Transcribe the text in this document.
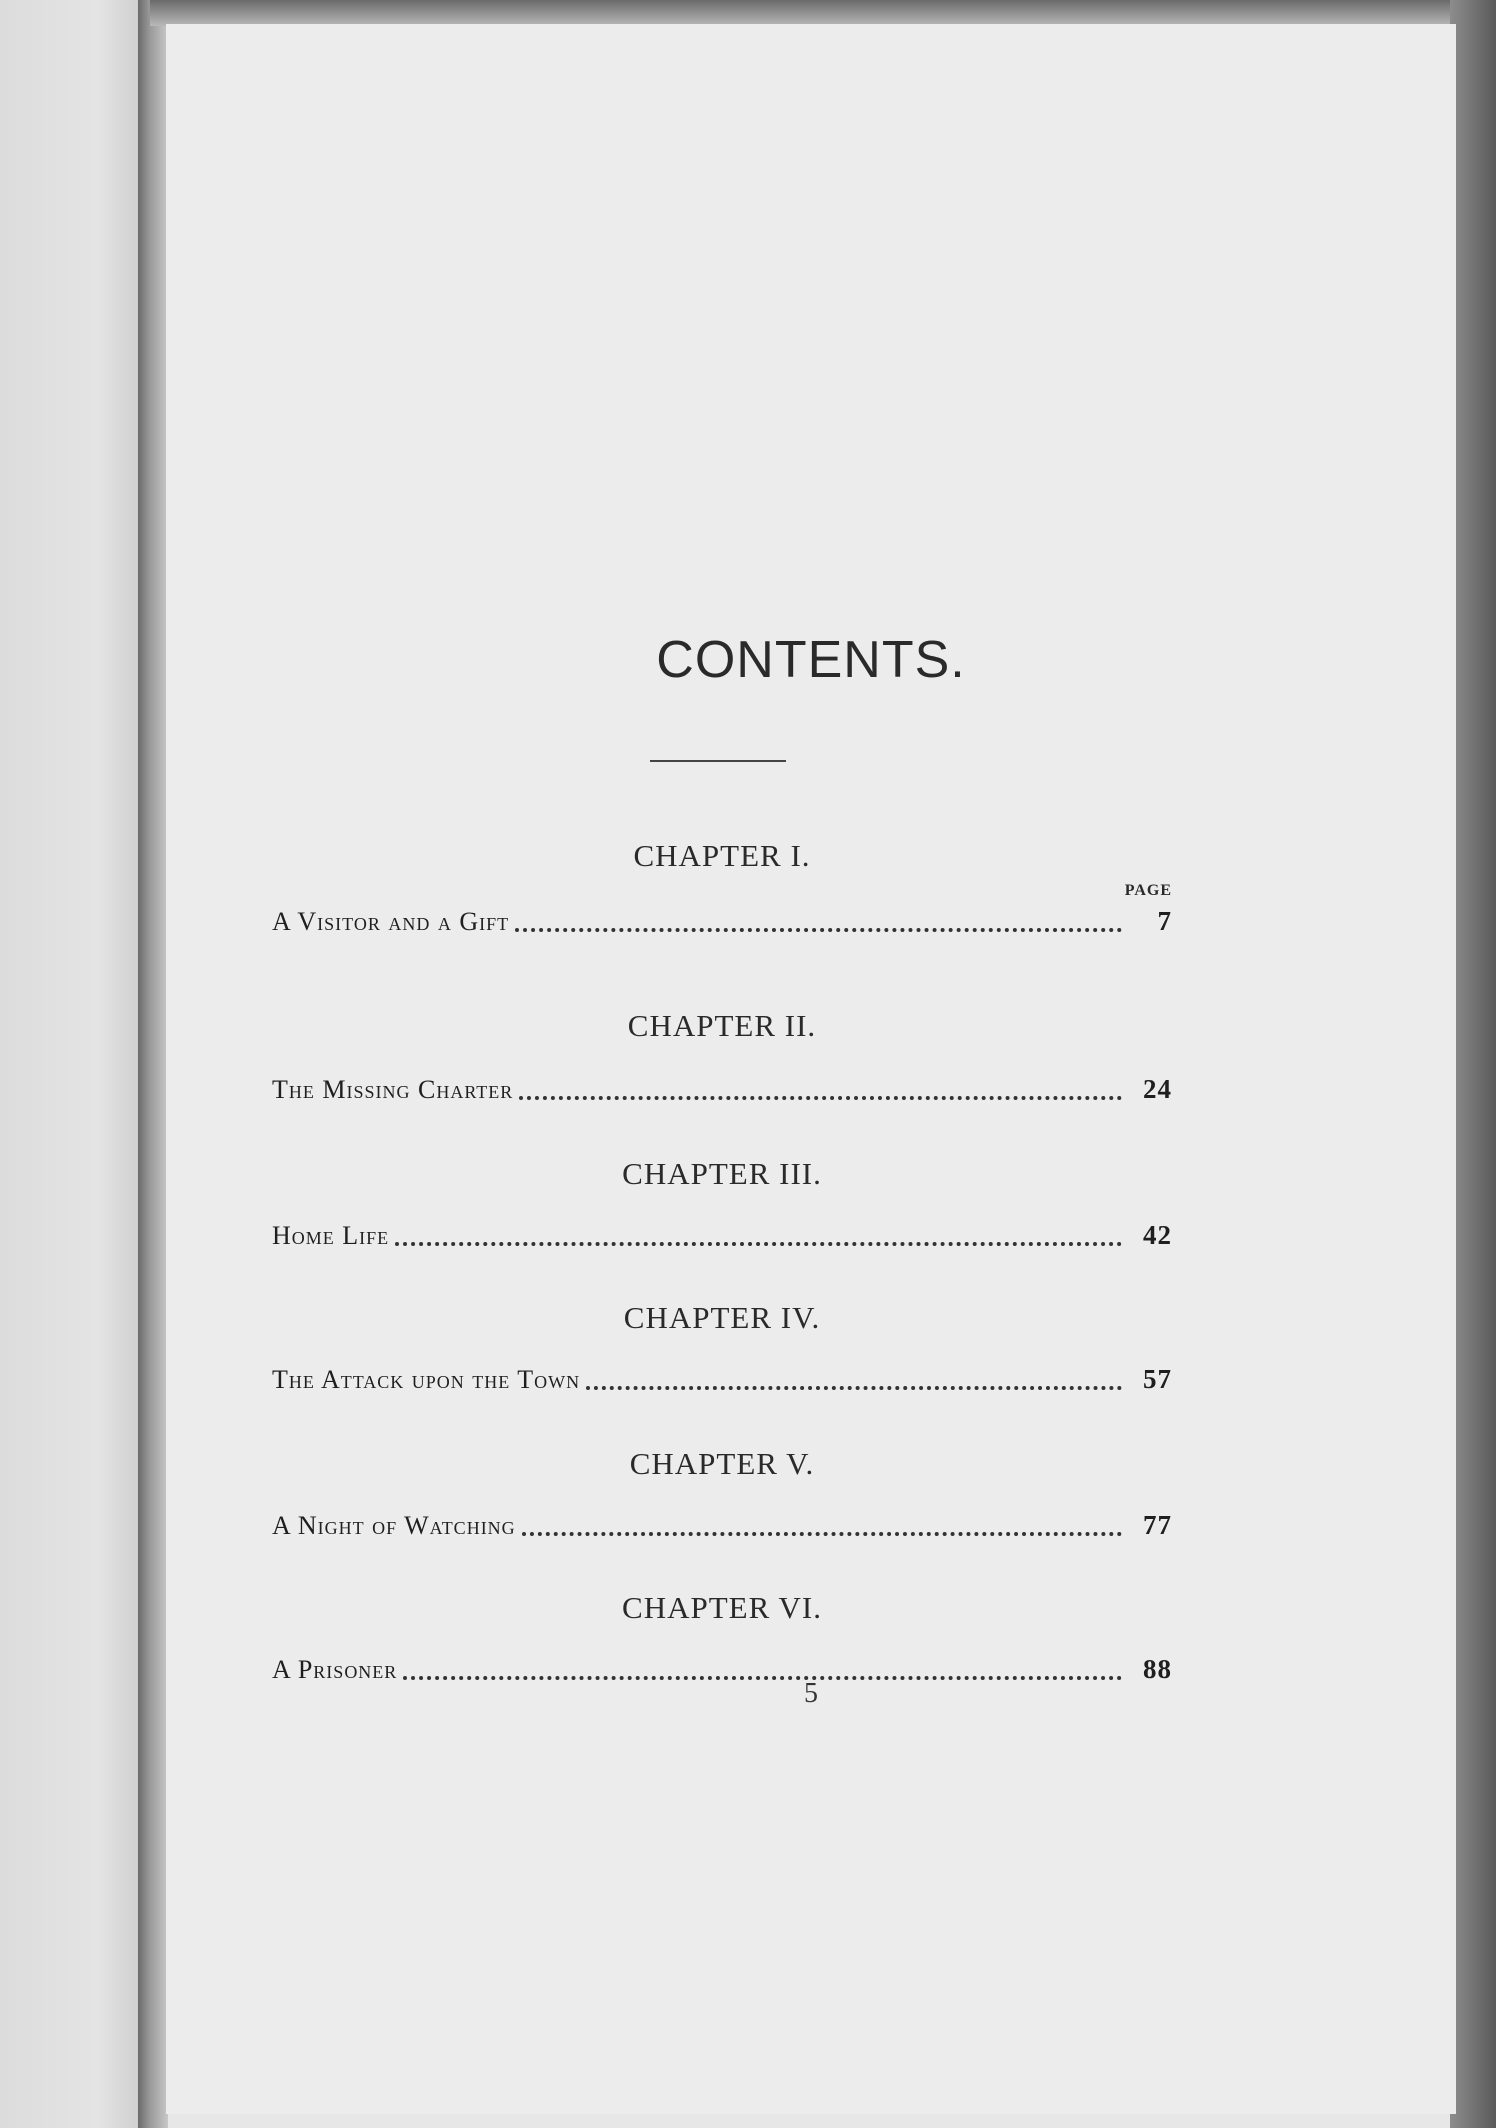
CONTENTS.
CHAPTER I.
PAGE
A Visitor and a Gift	7
CHAPTER II.
The Missing Charter	24
CHAPTER III.
Home Life	42
CHAPTER IV.
The Attack upon the Town	57
CHAPTER V.
A Night of Watching	77
CHAPTER VI.
A Prisoner	88
5
